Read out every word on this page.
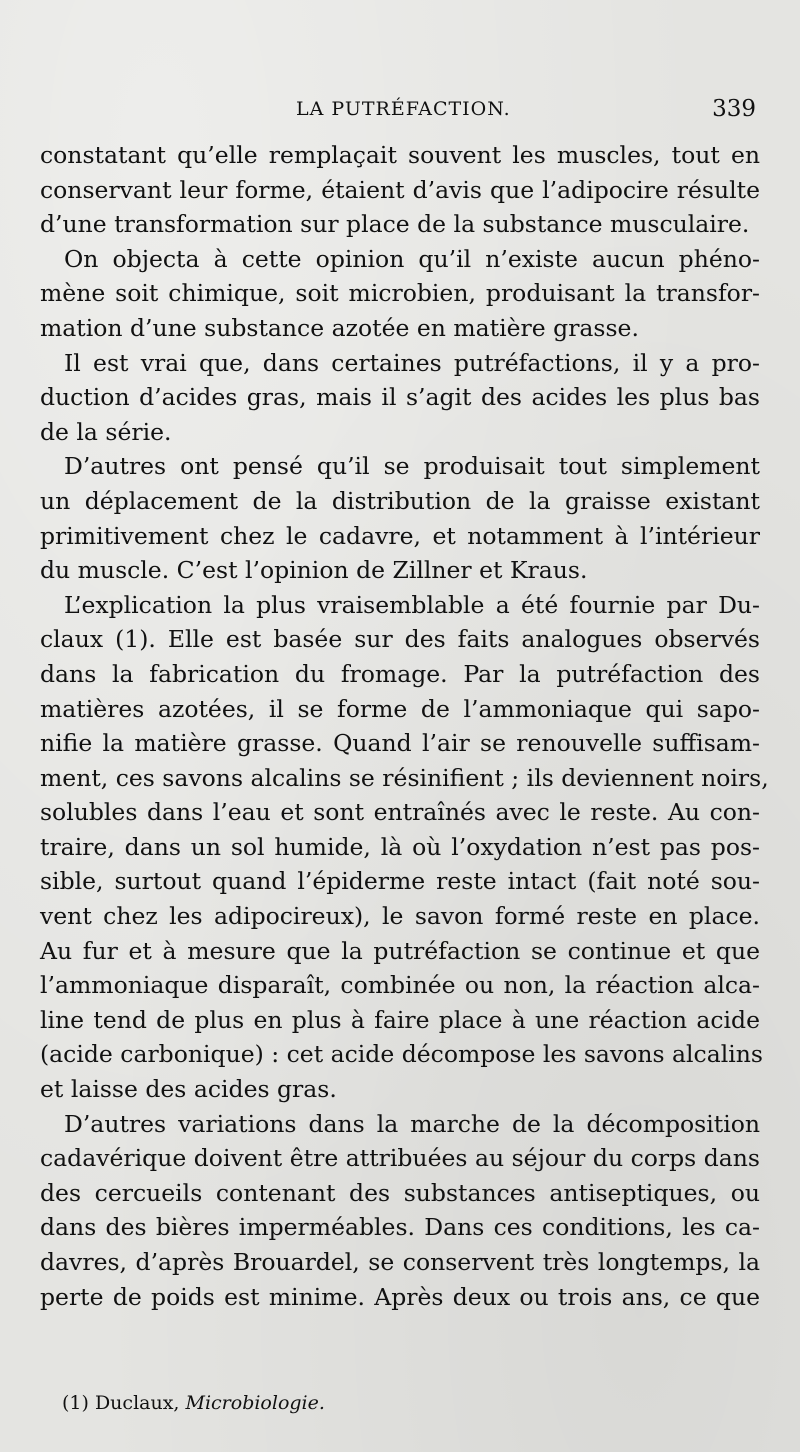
LA PUTRÉFACTION.	339
constatant qu’elle remplaçait souvent les muscles, tout en
conservant leur forme, étaient d’avis que l’adipocire résulte
d’une transformation sur place de la substance musculaire.
On objecta à cette opinion qu’il n’existe aucun phéno-
mène soit chimique, soit microbien, produisant la transfor-
mation d’une substance azotée en matière grasse.
Il est vrai que, dans certaines putréfactions, il y a pro-
duction d’acides gras, mais il s’agit des acides les plus bas
de la série.
D’autres ont pensé qu’il se produisait tout simplement
un déplacement de la distribution de la graisse existant
primitivement chez le cadavre, et notamment à l’intérieur
du muscle. C’est l’opinion de Zillner et Kraus.
L’explication la plus vraisemblable a été fournie par Du-
claux (1). Elle est basée sur des faits analogues observés
dans la fabrication du fromage. Par la putréfaction des
matières azotées, il se forme de l’ammoniaque qui sapo-
nifie la matière grasse. Quand l’air se renouvelle suffisam-
ment, ces savons alcalins se résinifient ; ils deviennent noirs,
solubles dans l’eau et sont entraînés avec le reste. Au con-
traire, dans un sol humide, là où l’oxydation n’est pas pos-
sible, surtout quand l’épiderme reste intact (fait noté sou-
vent chez les adipocireux), le savon formé reste en place.
Au fur et à mesure que la putréfaction se continue et que
l’ammoniaque disparaît, combinée ou non, la réaction alca-
line tend de plus en plus à faire place à une réaction acide
(acide carbonique) : cet acide décompose les savons alcalins
et laisse des acides gras.
D’autres variations dans la marche de la décomposition
cadavérique doivent être attribuées au séjour du corps dans
des cercueils contenant des substances antiseptiques, ou
dans des bières imperméables. Dans ces conditions, les ca-
davres, d’après Brouardel, se conservent très longtemps, la
perte de poids est minime. Après deux ou trois ans, ce que
(1) Duclaux, Microbiologie.
